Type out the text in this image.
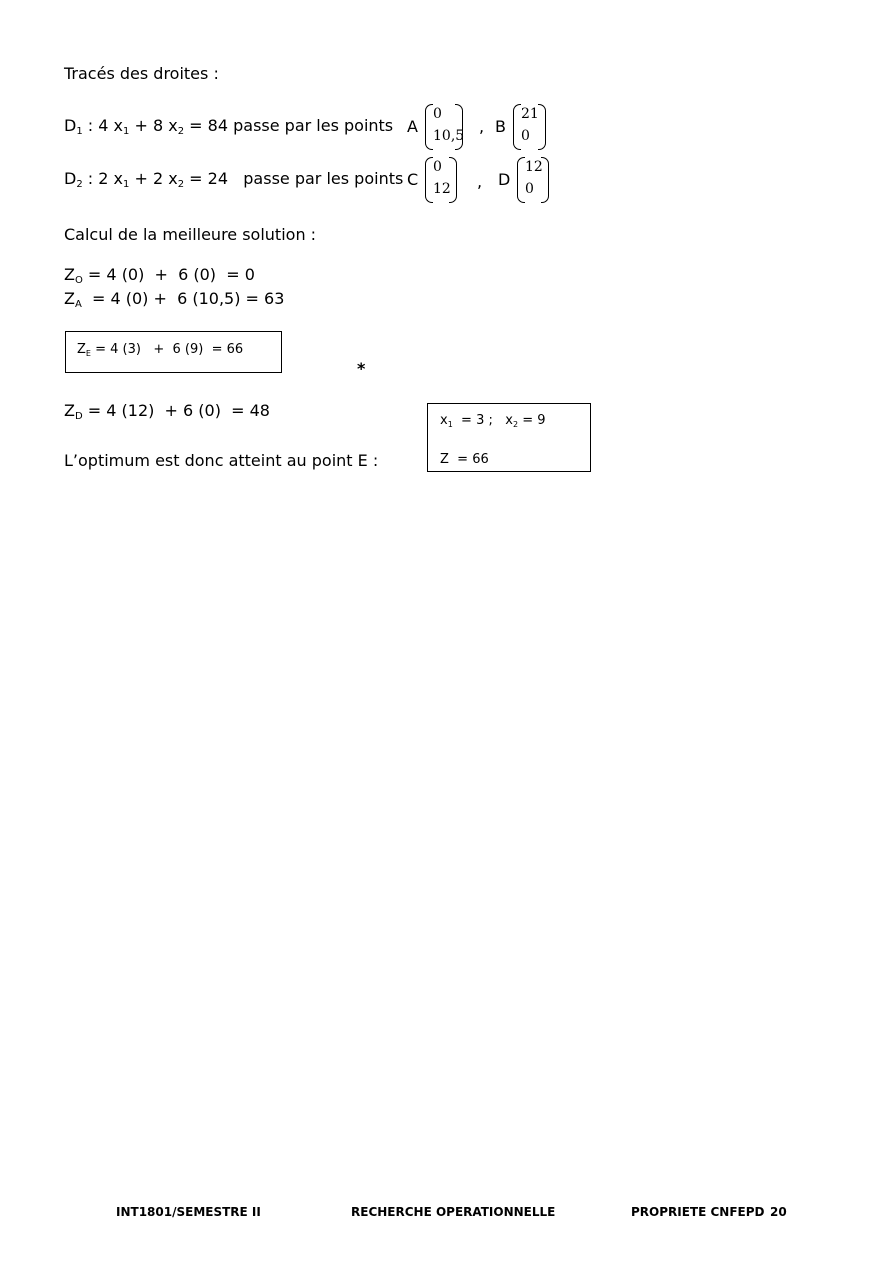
Tracés des droites :
$D_1$ : 4 $x_1 + 8$ $x_2 = 84$ passe par les points A
0
10,5 , B
21
0
$D_2$ : 2 $x_1 + 2$ $x_2 = 24$   passe par les points C
0
12 , D
12
0
Calcul de la meilleure solution :
$Z_O = 4$ (0)  +  6 (0)  = 0
$Z_A = 4$ (0) +  6 (10,5) = 63
$Z_E = 4$ (3)   +  6 (9)  = 66
*
$Z_D = 4$ (12)  + 6 (0)  = 48
L’optimum est donc atteint au point E :
$x_1 = 3$ ;   $x_2 = 9$
Z  = 66
INT1801/SEMESTRE II	RECHERCHE OPERATIONNELLE	PROPRIETE CNFEPD 20
